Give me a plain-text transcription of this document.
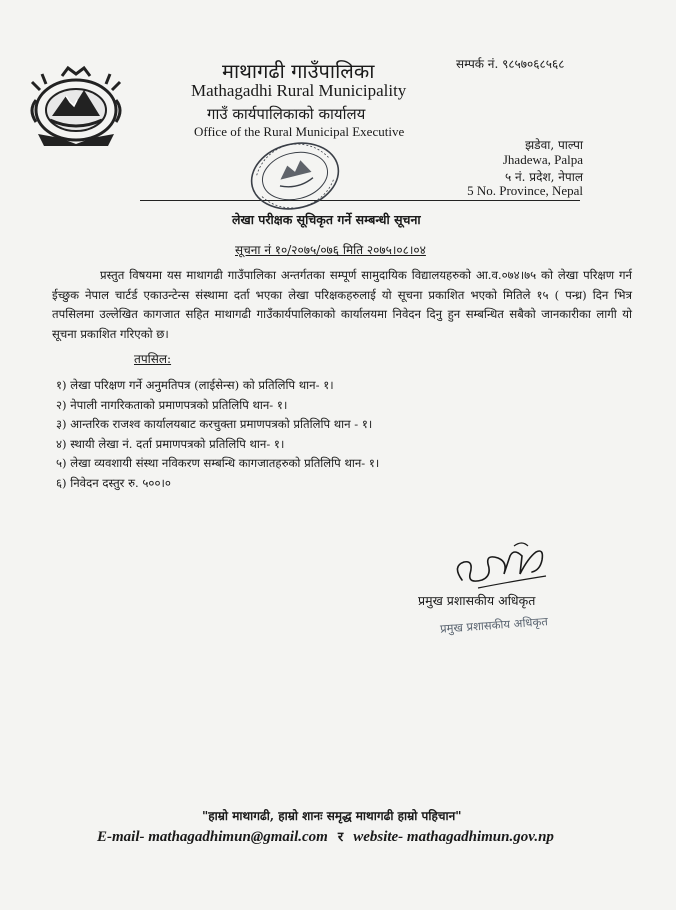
माथागढी गाउँपालिका
Mathagadhi Rural Municipality
गाउँ कार्यपालिकाको कार्यालय
Office of the Rural Municipal Executive
सम्पर्क नं. ९८५७०६८५६८
झडेवा, पाल्पा
Jhadewa, Palpa
५ नं. प्रदेश, नेपाल
5 No. Province, Nepal
लेखा परीक्षक सूचिकृत गर्ने सम्बन्धी सूचना
सूचना नं १०/२०७५/०७६ मिति २०७५।०८।०४

प्रस्तुत विषयमा यस माथागढी गाउँपालिका अन्तर्गतका सम्पूर्ण सामुदायिक विद्यालयहरुको आ.व.०७४।७५ को लेखा परिक्षण गर्न ईच्छुक नेपाल चार्टर्ड एकाउन्टेन्स संस्थामा दर्ता भएका लेखा परिक्षकहरुलाई यो सूचना प्रकाशित भएको मितिले १५ ( पन्ध्र) दिन भित्र तपसिलमा उल्लेखित कागजात सहित माथागढी गाउँकार्यपालिकाको कार्यालयमा निवेदन दिनु हुन सम्बन्धित सबैको जानकारीका लागी यो सूचना प्रकाशित गरिएको छ।

तपसिल:
१) लेखा परिक्षण गर्ने अनुमतिपत्र (लाईसेन्स) को प्रतिलिपि थान- १।
२) नेपाली नागरिकताको प्रमाणपत्रको प्रतिलिपि थान- १।
३) आन्तरिक राजश्व कार्यालयबाट करचुक्ता प्रमाणपत्रको प्रतिलिपि थान - १।
४) स्थायी लेखा नं. दर्ता प्रमाणपत्रको प्रतिलिपि थान- १।
५) लेखा व्यवशायी संस्था नविकरण सम्बन्धि कागजातहरुको प्रतिलिपि थान- १।
६) निवेदन दस्तुर रु. ५००।०
प्रमुख प्रशासकीय अधिकृत
प्रमुख प्रशासकीय अधिकृत
"हाम्रो माथागढी, हाम्रो शानः समृद्ध माथागढी हाम्रो पहिचान"
E-mail- mathagadhimun@gmail.com र website- mathagadhimun.gov.np
